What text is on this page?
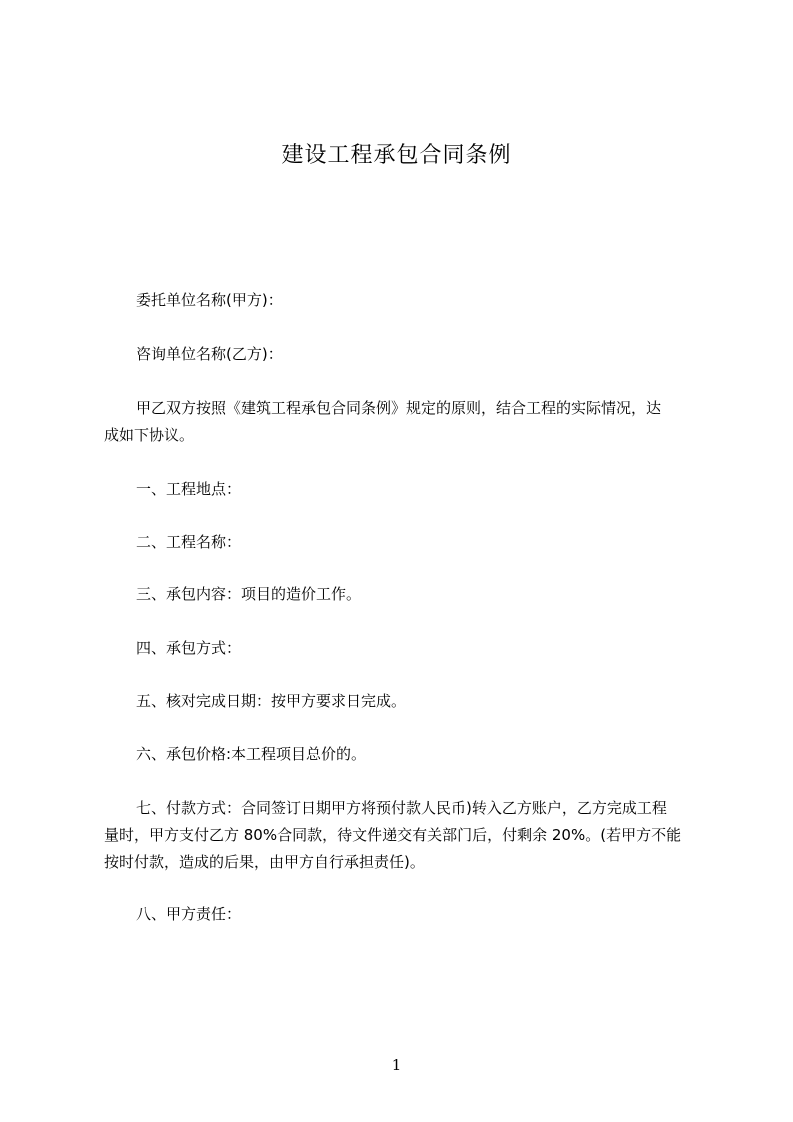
建设工程承包合同条例
委托单位名称(甲方)：
咨询单位名称(乙方)：
甲乙双方按照《建筑工程承包合同条例》规定的原则，结合工程的实际情况，达
成如下协议。
一、工程地点：
二、工程名称：
三、承包内容：项目的造价工作。
四、承包方式：
五、核对完成日期：按甲方要求日完成。
六、承包价格:本工程项目总价的。
七、付款方式：合同签订日期甲方将预付款人民币)转入乙方账户，乙方完成工程
量时，甲方支付乙方 80%合同款，待文件递交有关部门后，付剩余 20%。(若甲方不能
按时付款，造成的后果，由甲方自行承担责任)。
八、甲方责任：
1
